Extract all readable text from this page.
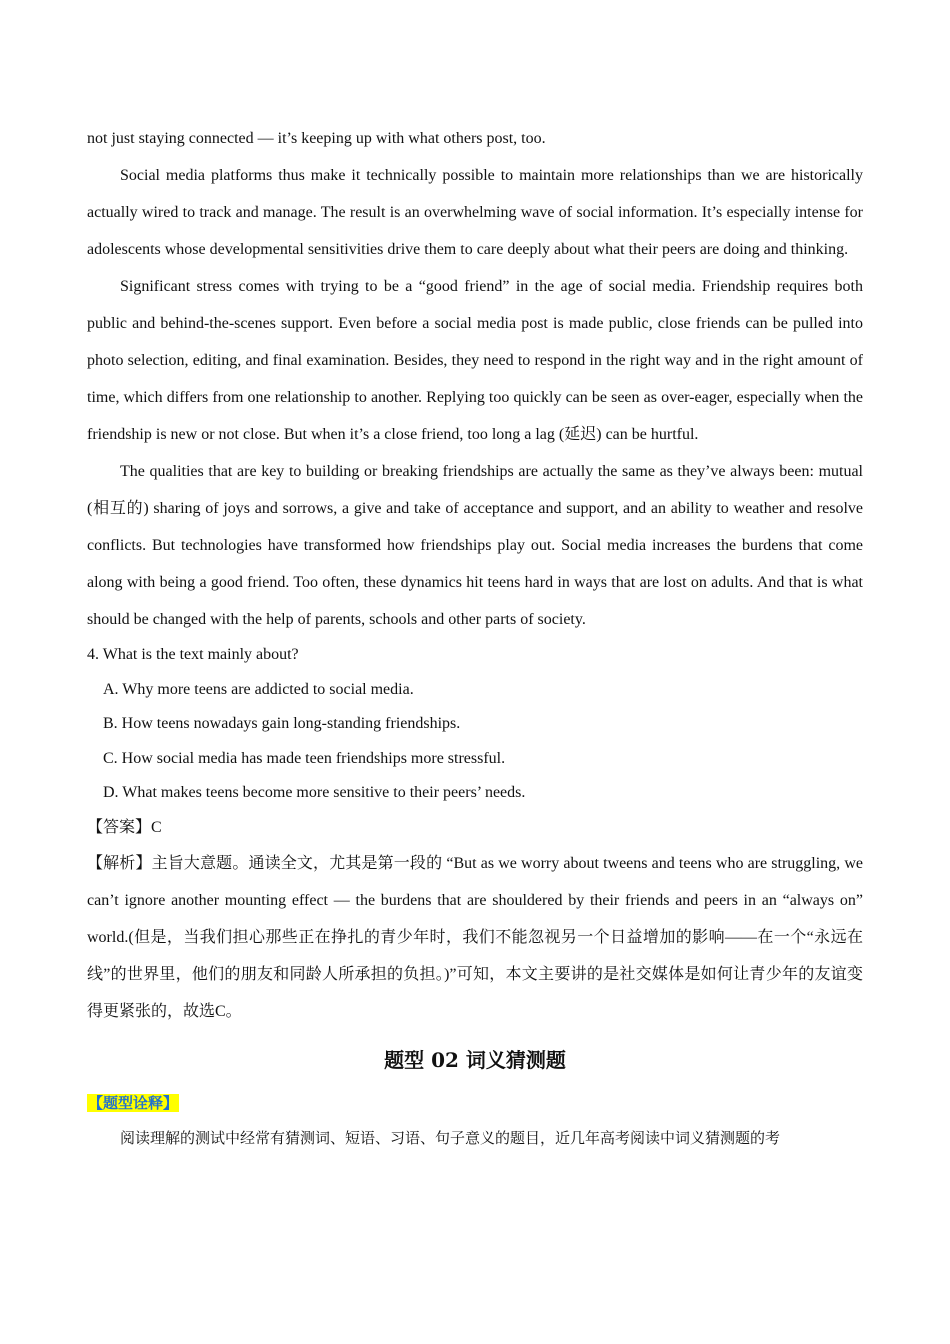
not just staying connected — it’s keeping up with what others post, too.

Social media platforms thus make it technically possible to maintain more relationships than we are historically actually wired to track and manage. The result is an overwhelming wave of social information. It’s especially intense for adolescents whose developmental sensitivities drive them to care deeply about what their peers are doing and thinking.

Significant stress comes with trying to be a “good friend” in the age of social media. Friendship requires both public and behind-the-scenes support. Even before a social media post is made public, close friends can be pulled into photo selection, editing, and final examination. Besides, they need to respond in the right way and in the right amount of time, which differs from one relationship to another. Replying too quickly can be seen as over-eager, especially when the friendship is new or not close. But when it’s a close friend, too long a lag (延迟) can be hurtful.

The qualities that are key to building or breaking friendships are actually the same as they’ve always been: mutual (相互的) sharing of joys and sorrows, a give and take of acceptance and support, and an ability to weather and resolve conflicts. But technologies have transformed how friendships play out. Social media increases the burdens that come along with being a good friend. Too often, these dynamics hit teens hard in ways that are lost on adults. And that is what should be changed with the help of parents, schools and other parts of society.

4. What is the text mainly about?

A. Why more teens are addicted to social media.

B. How teens nowadays gain long-standing friendships.

C. How social media has made teen friendships more stressful.

D. What makes teens become more sensitive to their peers’ needs.

【答案】C

【解析】主旨大意题。通读全文，尤其是第一段的 “But as we worry about tweens and teens who are struggling, we can’t ignore another mounting effect — the burdens that are shouldered by their friends and peers in an “always on” world.(但是，当我们担心那些正在挣扎的青少年时，我们不能忽视另一个日益增加的影响——在一个“永远在线”的世界里，他们的朋友和同龄人所承担的负担。)”可知，本文主要讲的是社交媒体是如何让青少年的友谊变得更紧张的，故选C。

题型 02 词义猜测题
【题型诠释】

阅读理解的测试中经常有猜测词、短语、习语、句子意义的题目，近几年高考阅读中词义猜测题的考
